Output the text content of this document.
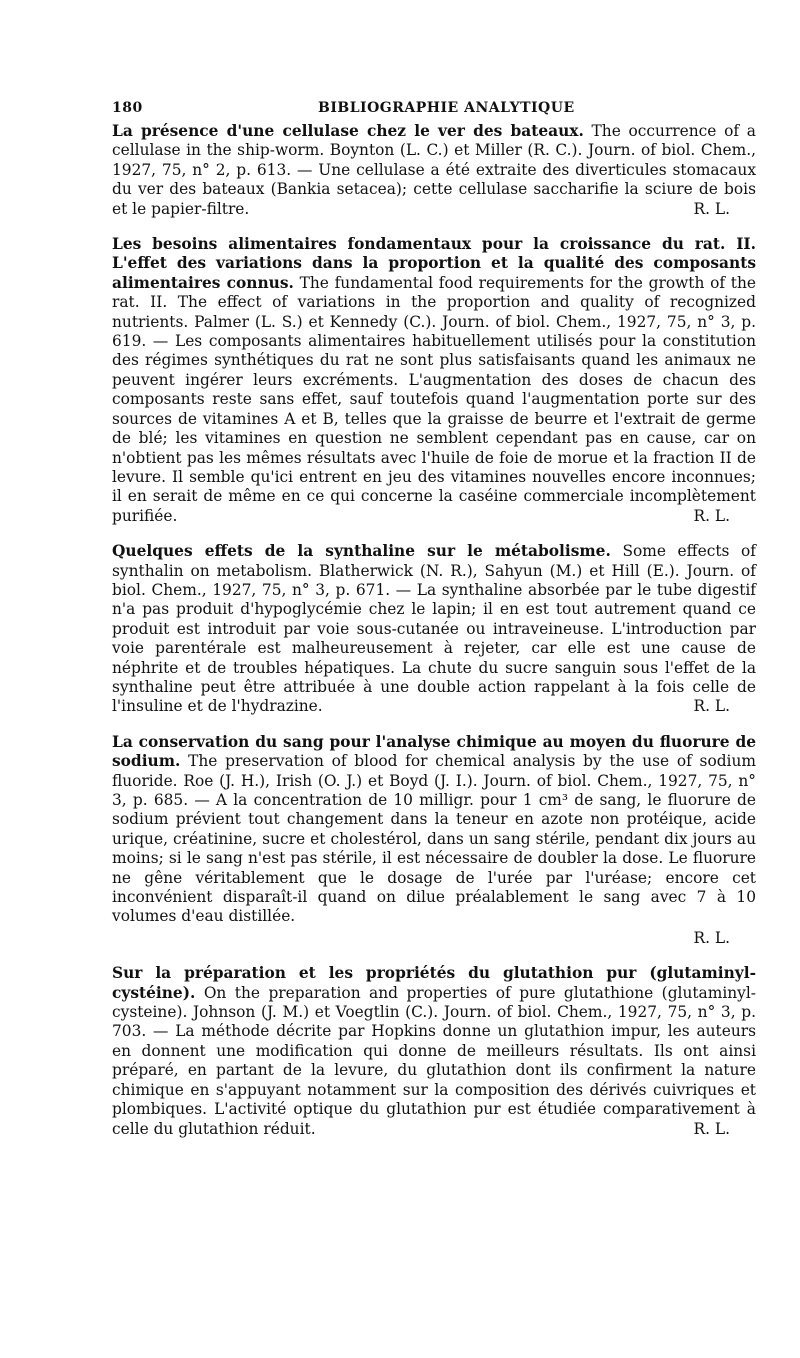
180	BIBLIOGRAPHIE ANALYTIQUE
La présence d'une cellulase chez le ver des bateaux. The occurrence of a cellulase in the ship-worm. Boynton (L. C.) et Miller (R. C.). Journ. of biol. Chem., 1927, 75, n° 2, p. 613. — Une cellulase a été extraite des diverticules stomacaux du ver des bateaux (Bankia setacea); cette cellulase saccharifie la sciure de bois et le papier-filtre.	R. L.
Les besoins alimentaires fondamentaux pour la croissance du rat. II. L'effet des variations dans la proportion et la qualité des composants alimentaires connus. The fundamental food requirements for the growth of the rat. II. The effect of variations in the proportion and quality of recognized nutrients. Palmer (L. S.) et Kennedy (C.). Journ. of biol. Chem., 1927, 75, n° 3, p. 619. — Les composants alimentaires habituellement utilisés pour la constitution des régimes synthétiques du rat ne sont plus satisfaisants quand les animaux ne peuvent ingérer leurs excréments. L'augmentation des doses de chacun des composants reste sans effet, sauf toutefois quand l'augmentation porte sur des sources de vitamines A et B, telles que la graisse de beurre et l'extrait de germe de blé; les vitamines en question ne semblent cependant pas en cause, car on n'obtient pas les mêmes résultats avec l'huile de foie de morue et la fraction II de levure. Il semble qu'ici entrent en jeu des vitamines nouvelles encore inconnues; il en serait de même en ce qui concerne la caséine commerciale incomplètement purifiée.	R. L.
Quelques effets de la synthaline sur le métabolisme. Some effects of synthalin on metabolism. Blatherwick (N. R.), Sahyun (M.) et Hill (E.). Journ. of biol. Chem., 1927, 75, n° 3, p. 671. — La synthaline absorbée par le tube digestif n'a pas produit d'hypoglycémie chez le lapin; il en est tout autrement quand ce produit est introduit par voie sous-cutanée ou intraveineuse. L'introduction par voie parentérale est malheureusement à rejeter, car elle est une cause de néphrite et de troubles hépatiques. La chute du sucre sanguin sous l'effet de la synthaline peut être attribuée à une double action rappelant à la fois celle de l'insuline et de l'hydrazine.	R. L.
La conservation du sang pour l'analyse chimique au moyen du fluorure de sodium. The preservation of blood for chemical analysis by the use of sodium fluoride. Roe (J. H.), Irish (O. J.) et Boyd (J. I.). Journ. of biol. Chem., 1927, 75, n° 3, p. 685. — A la concentration de 10 milligr. pour 1 cm³ de sang, le fluorure de sodium prévient tout changement dans la teneur en azote non protéique, acide urique, créatinine, sucre et cholestérol, dans un sang stérile, pendant dix jours au moins; si le sang n'est pas stérile, il est nécessaire de doubler la dose. Le fluorure ne gêne véritablement que le dosage de l'urée par l'uréase; encore cet inconvénient disparaît-il quand on dilue préalablement le sang avec 7 à 10 volumes d'eau distillée.
R. L.
Sur la préparation et les propriétés du glutathion pur (glutaminyl-cystéine). On the preparation and properties of pure glutathione (glutaminyl-cysteine). Johnson (J. M.) et Voegtlin (C.). Journ. of biol. Chem., 1927, 75, n° 3, p. 703. — La méthode décrite par Hopkins donne un glutathion impur, les auteurs en donnent une modification qui donne de meilleurs résultats. Ils ont ainsi préparé, en partant de la levure, du glutathion dont ils confirment la nature chimique en s'appuyant notamment sur la composition des dérivés cuivriques et plombiques. L'activité optique du glutathion pur est étudiée comparativement à celle du glutathion réduit.	R. L.
